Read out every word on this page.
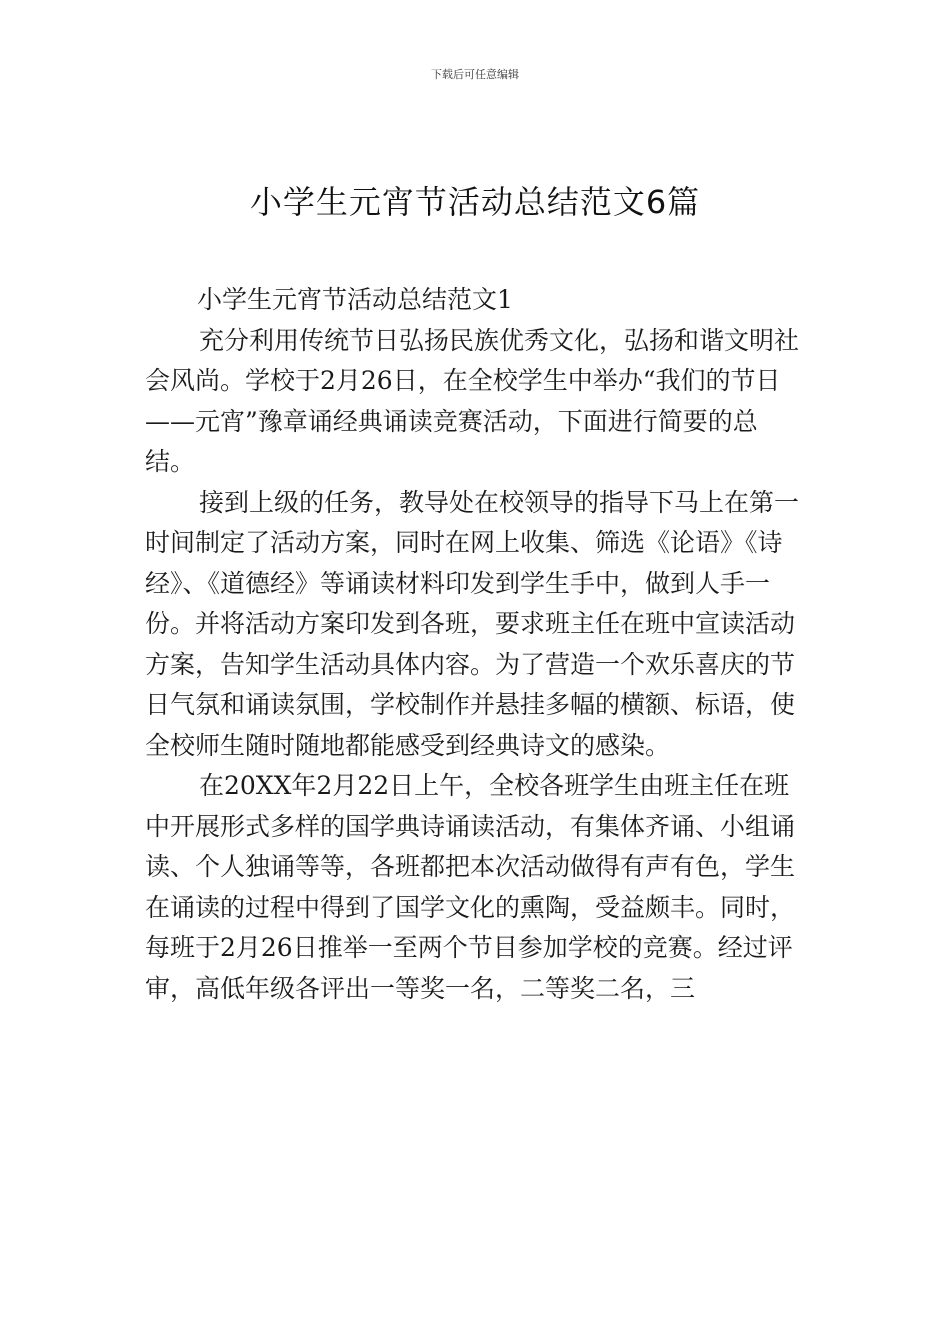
下载后可任意编辑
小学生元宵节活动总结范文6篇

小学生元宵节活动总结范文1

充分利用传统节日弘扬民族优秀文化，弘扬和谐文明社会风尚。学校于2月26日，在全校学生中举办“我们的节日——元宵”豫章诵经典诵读竞赛活动，下面进行简要的总结。

接到上级的任务，教导处在校领导的指导下马上在第一时间制定了活动方案，同时在网上收集、筛选《论语》《诗经》、《道德经》等诵读材料印发到学生手中，做到人手一份。并将活动方案印发到各班，要求班主任在班中宣读活动方案，告知学生活动具体内容。为了营造一个欢乐喜庆的节日气氛和诵读氛围，学校制作并悬挂多幅的横额、标语，使全校师生随时随地都能感受到经典诗文的感染。

在20XX年2月22日上午，全校各班学生由班主任在班中开展形式多样的国学典诗诵读活动，有集体齐诵、小组诵读、个人独诵等等，各班都把本次活动做得有声有色，学生在诵读的过程中得到了国学文化的熏陶，受益颇丰。同时，每班于2月26日推举一至两个节目参加学校的竞赛。经过评审，高低年级各评出一等奖一名，二等奖二名，三
